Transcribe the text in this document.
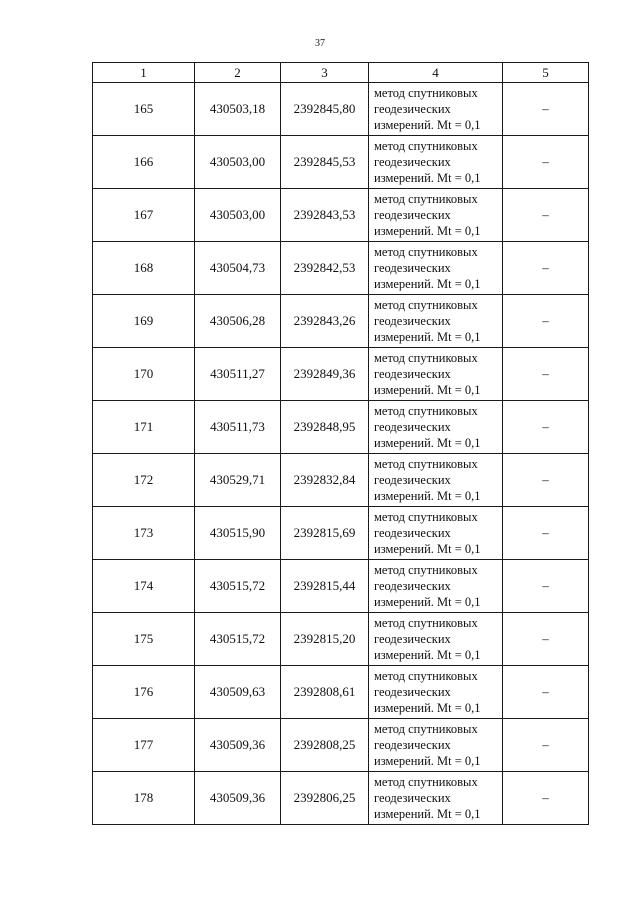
37
1	2	3	4	5
165	430503,18	2392845,80	метод спутниковых
геодезических
измерений. Mt = 0,1	–
166	430503,00	2392845,53	метод спутниковых
геодезических
измерений. Mt = 0,1	–
167	430503,00	2392843,53	метод спутниковых
геодезических
измерений. Mt = 0,1	–
168	430504,73	2392842,53	метод спутниковых
геодезических
измерений. Mt = 0,1	–
169	430506,28	2392843,26	метод спутниковых
геодезических
измерений. Mt = 0,1	–
170	430511,27	2392849,36	метод спутниковых
геодезических
измерений. Mt = 0,1	–
171	430511,73	2392848,95	метод спутниковых
геодезических
измерений. Mt = 0,1	–
172	430529,71	2392832,84	метод спутниковых
геодезических
измерений. Mt = 0,1	–
173	430515,90	2392815,69	метод спутниковых
геодезических
измерений. Mt = 0,1	–
174	430515,72	2392815,44	метод спутниковых
геодезических
измерений. Mt = 0,1	–
175	430515,72	2392815,20	метод спутниковых
геодезических
измерений. Mt = 0,1	–
176	430509,63	2392808,61	метод спутниковых
геодезических
измерений. Mt = 0,1	–
177	430509,36	2392808,25	метод спутниковых
геодезических
измерений. Mt = 0,1	–
178	430509,36	2392806,25	метод спутниковых
геодезических
измерений. Mt = 0,1	–
